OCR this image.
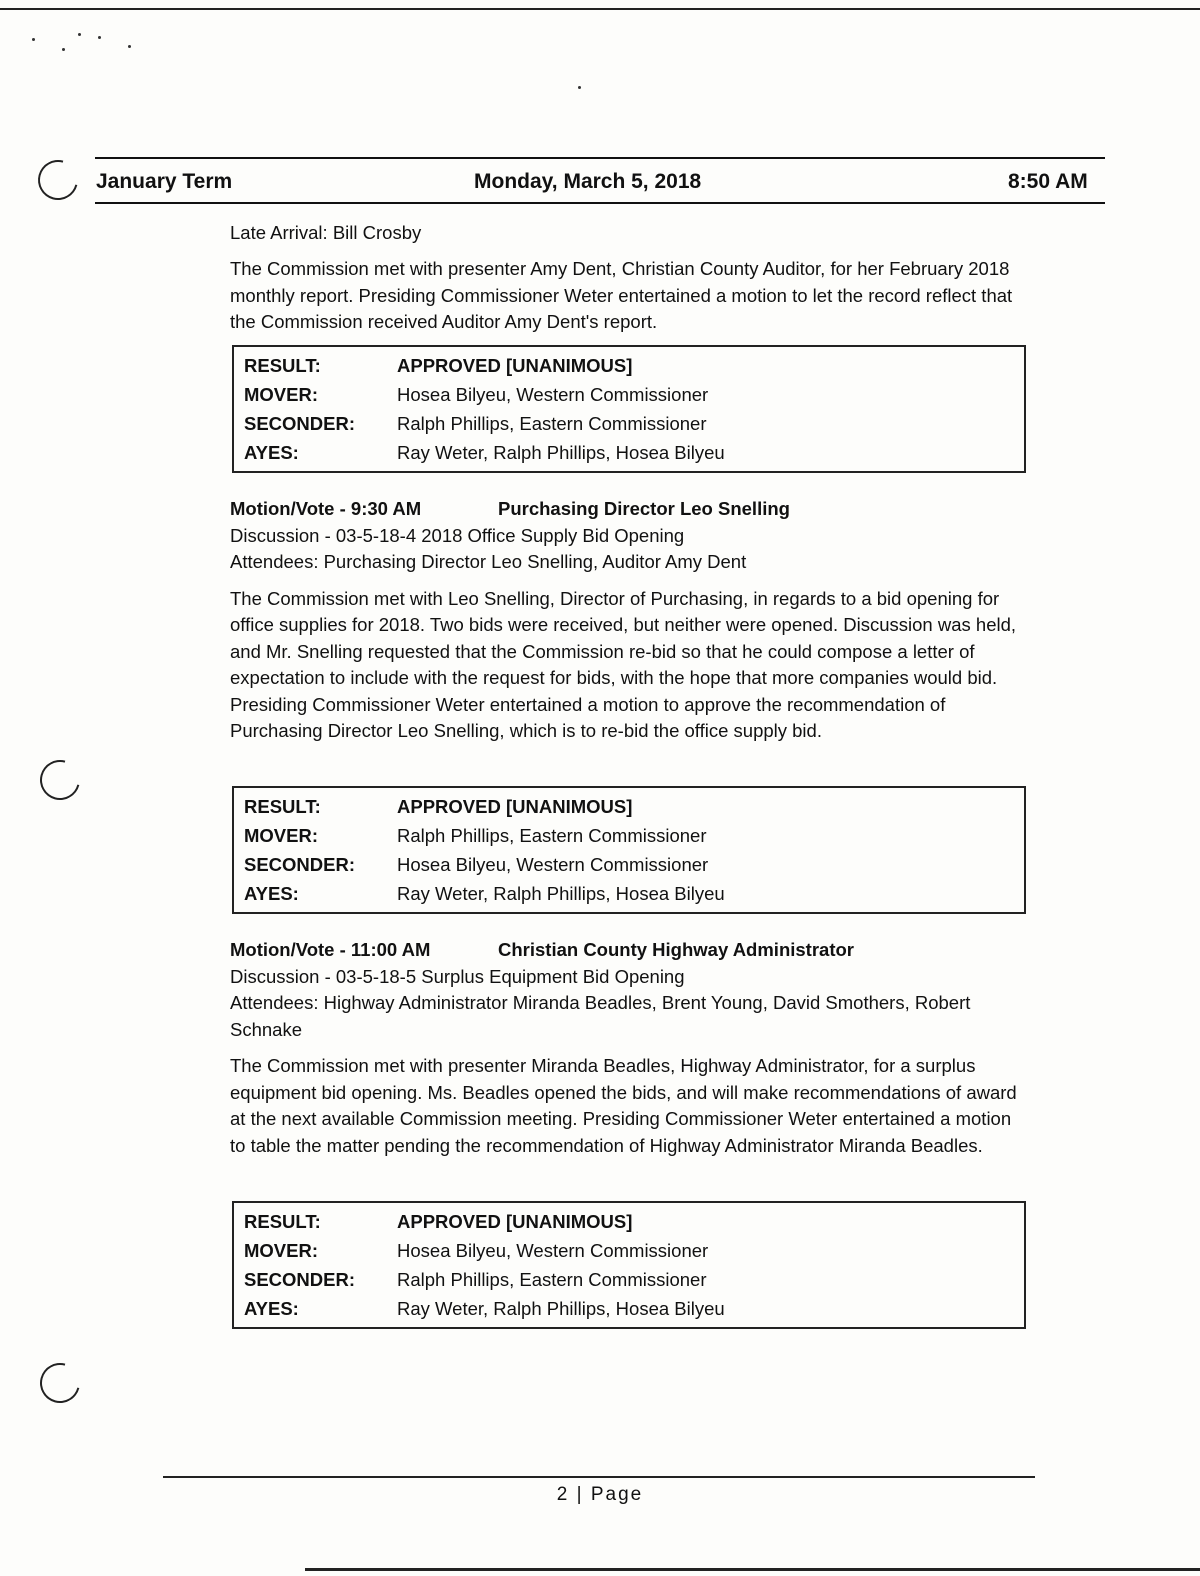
January Term	Monday, March 5, 2018	8:50 AM

Late Arrival: Bill Crosby

The Commission met with presenter Amy Dent, Christian County Auditor, for her February 2018 monthly report. Presiding Commissioner Weter entertained a motion to let the record reflect that the Commission received Auditor Amy Dent's report.

RESULT:	APPROVED [UNANIMOUS]
MOVER:	Hosea Bilyeu, Western Commissioner
SECONDER:	Ralph Phillips, Eastern Commissioner
AYES:	Ray Weter, Ralph Phillips, Hosea Bilyeu
Motion/Vote - 9:30 AM	Purchasing Director Leo Snelling

Discussion - 03-5-18-4 2018 Office Supply Bid Opening

Attendees: Purchasing Director Leo Snelling, Auditor Amy Dent

The Commission met with Leo Snelling, Director of Purchasing, in regards to a bid opening for office supplies for 2018. Two bids were received, but neither were opened. Discussion was held, and Mr. Snelling requested that the Commission re-bid so that he could compose a letter of expectation to include with the request for bids, with the hope that more companies would bid. Presiding Commissioner Weter entertained a motion to approve the recommendation of Purchasing Director Leo Snelling, which is to re-bid the office supply bid.

RESULT:	APPROVED [UNANIMOUS]
MOVER:	Ralph Phillips, Eastern Commissioner
SECONDER:	Hosea Bilyeu, Western Commissioner
AYES:	Ray Weter, Ralph Phillips, Hosea Bilyeu
Motion/Vote - 11:00 AM	Christian County Highway Administrator

Discussion - 03-5-18-5 Surplus Equipment Bid Opening

Attendees: Highway Administrator Miranda Beadles, Brent Young, David Smothers, Robert Schnake

The Commission met with presenter Miranda Beadles, Highway Administrator, for a surplus equipment bid opening. Ms. Beadles opened the bids, and will make recommendations of award at the next available Commission meeting. Presiding Commissioner Weter entertained a motion to table the matter pending the recommendation of Highway Administrator Miranda Beadles.

RESULT:	APPROVED [UNANIMOUS]
MOVER:	Hosea Bilyeu, Western Commissioner
SECONDER:	Ralph Phillips, Eastern Commissioner
AYES:	Ray Weter, Ralph Phillips, Hosea Bilyeu
2 | Page
